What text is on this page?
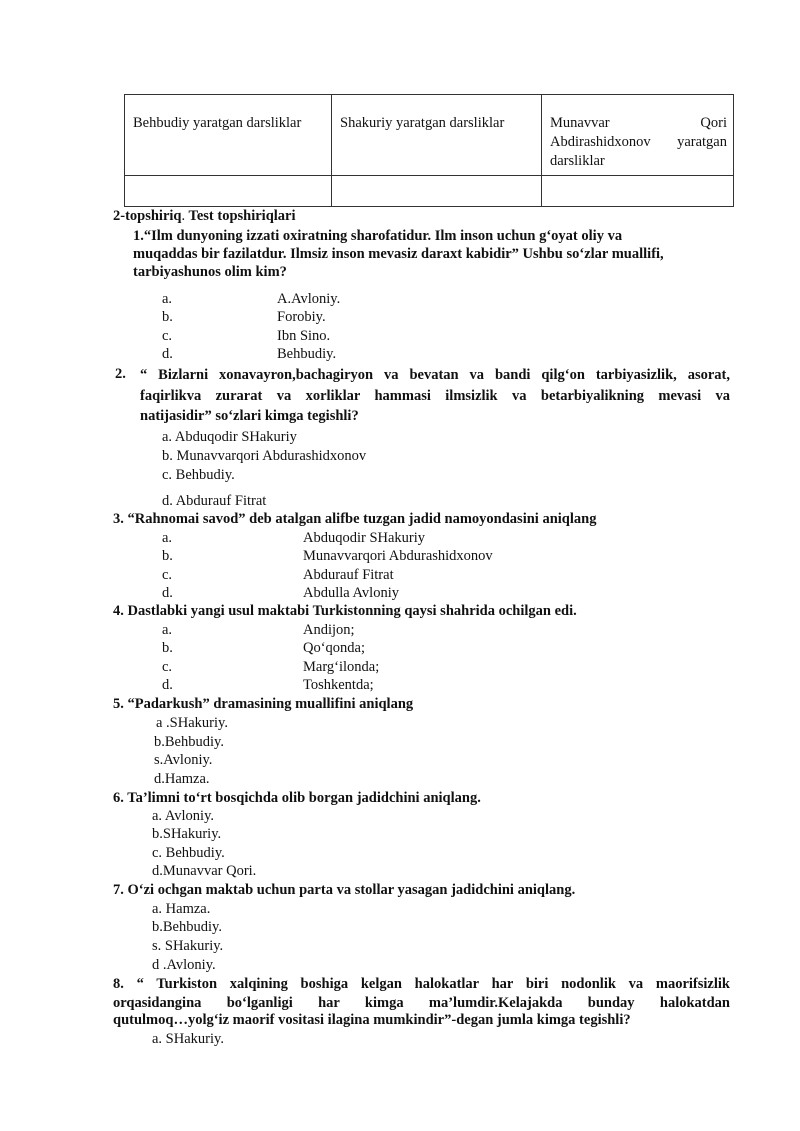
Behbudiy yaratgan darsliklar	Shakuriy yaratgan darsliklar	Munavvar Qori Abdirashidxonov yaratgan darsliklar

2-topshiriq. Test topshiriqlari
1.“Ilm dunyoning izzati oxiratning sharofatidur. Ilm inson uchun g‘oyat oliy va
muqaddas bir fazilatdur. Ilmsiz inson mevasiz daraxt kabidir” Ushbu so‘zlar muallifi,
tarbiyashunos olim kim?
a.	A.Avloniy.
b.	Forobiy.
c.	Ibn Sino.
d.	Behbudiy.
2. “ Bizlarni xonavayron,bachagiryon va bevatan va bandi qilg‘on tarbiyasizlik, asorat,
faqirlikva zurarat va xorliklar hammasi ilmsizlik va betarbiyalikning mevasi va
natijasidir” so‘zlari kimga tegishli?
a. Abduqodir SHakuriy
b. Munavvarqori Abdurashidxonov
c. Behbudiy.
d. Abdurauf Fitrat
3. “Rahnomai savod” deb atalgan alifbe tuzgan jadid namoyondasini aniqlang
a.	Abduqodir SHakuriy
b.	Munavvarqori Abdurashidxonov
c.	Abdurauf Fitrat
d.	Abdulla Avloniy
4. Dastlabki yangi usul maktabi Turkistonning qaysi shahrida ochilgan edi.
a.	Andijon;
b.	Qo‘qonda;
c.	Marg‘ilonda;
d.	Toshkentda;
5. “Padarkush” dramasining muallifini aniqlang
a .SHakuriy.
b.Behbudiy.
s.Avloniy.
d.Hamza.
6. Ta’limni to‘rt bosqichda olib borgan jadidchini aniqlang.
a. Avloniy.
b.SHakuriy.
c. Behbudiy.
d.Munavvar Qori.
7. O‘zi ochgan maktab uchun parta va stollar yasagan jadidchini aniqlang.
a. Hamza.
b.Behbudiy.
s. SHakuriy.
d .Avloniy.
8. “ Turkiston xalqining boshiga kelgan halokatlar har biri nodonlik va maorifsizlik
orqasidangina bo‘lganligi har kimga ma’lumdir.Kelajakda bunday halokatdan
qutulmoq…yolg‘iz maorif vositasi ilagina mumkindir”-degan jumla kimga tegishli?
a. SHakuriy.
